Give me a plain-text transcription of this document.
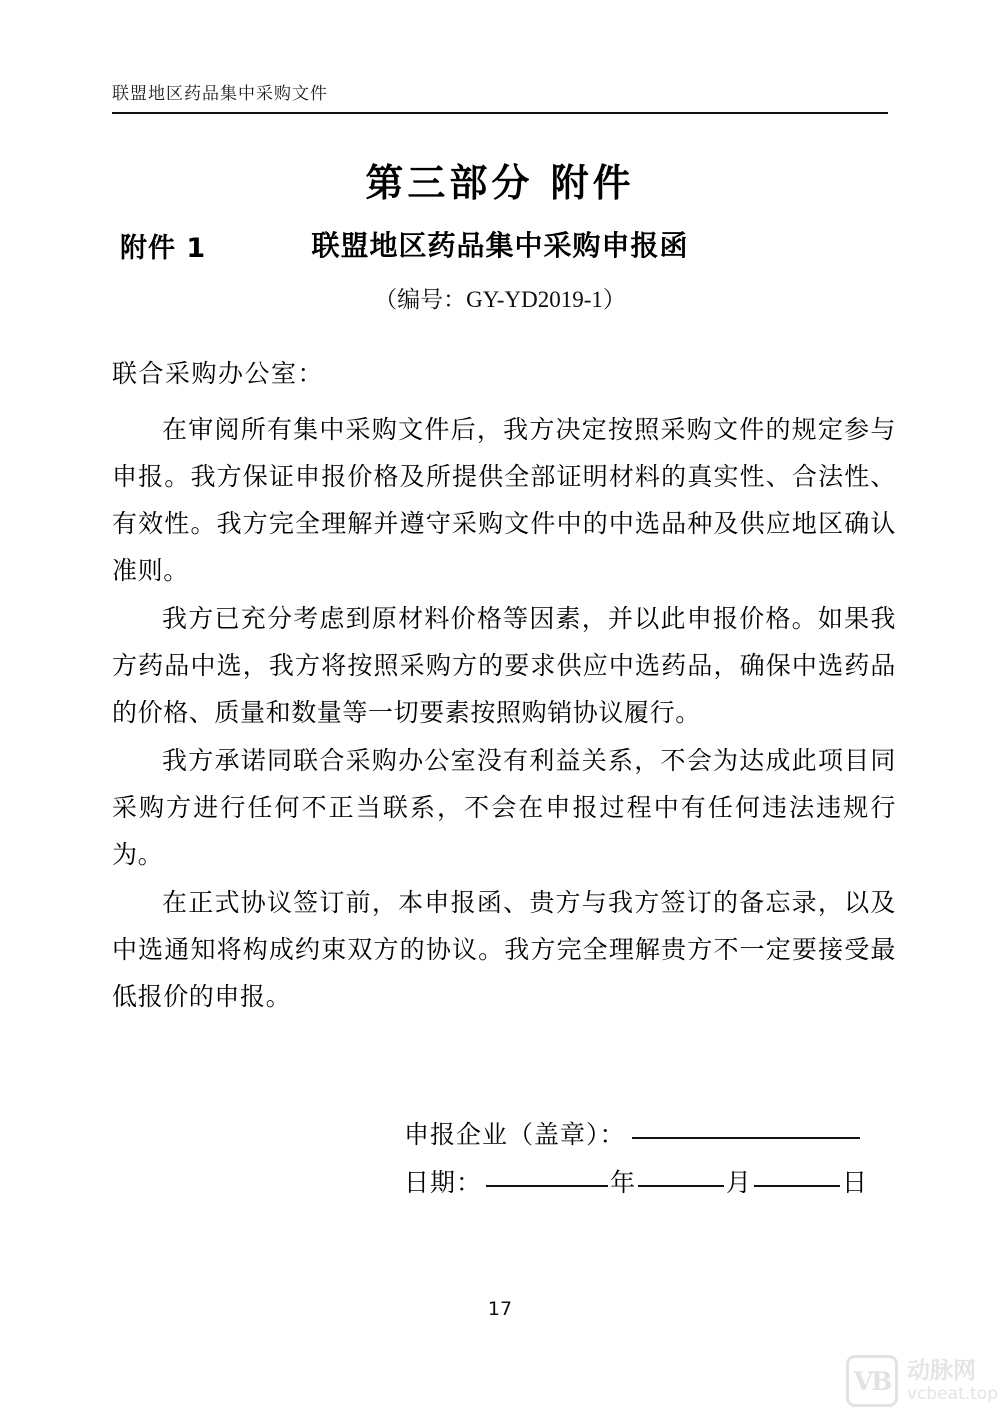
联盟地区药品集中采购文件
第三部分 附件
联盟地区药品集中采购申报函
附件 1
（编号：GY-YD2019-1）
联合采购办公室：

在审阅所有集中采购文件后，我方决定按照采购文件的规定参与申报。我方保证申报价格及所提供全部证明材料的真实性、合法性、有效性。我方完全理解并遵守采购文件中的中选品种及供应地区确认准则。

我方已充分考虑到原材料价格等因素，并以此申报价格。如果我方药品中选，我方将按照采购方的要求供应中选药品，确保中选药品的价格、质量和数量等一切要素按照购销协议履行。

我方承诺同联合采购办公室没有利益关系，不会为达成此项目同采购方进行任何不正当联系，不会在申报过程中有任何违法违规行为。

在正式协议签订前，本申报函、贵方与我方签订的备忘录，以及中选通知将构成约束双方的协议。我方完全理解贵方不一定要接受最低报价的申报。

申报企业（盖章）：
日期：	年	月	日
17
VB 动脉网
vcbeat.top
